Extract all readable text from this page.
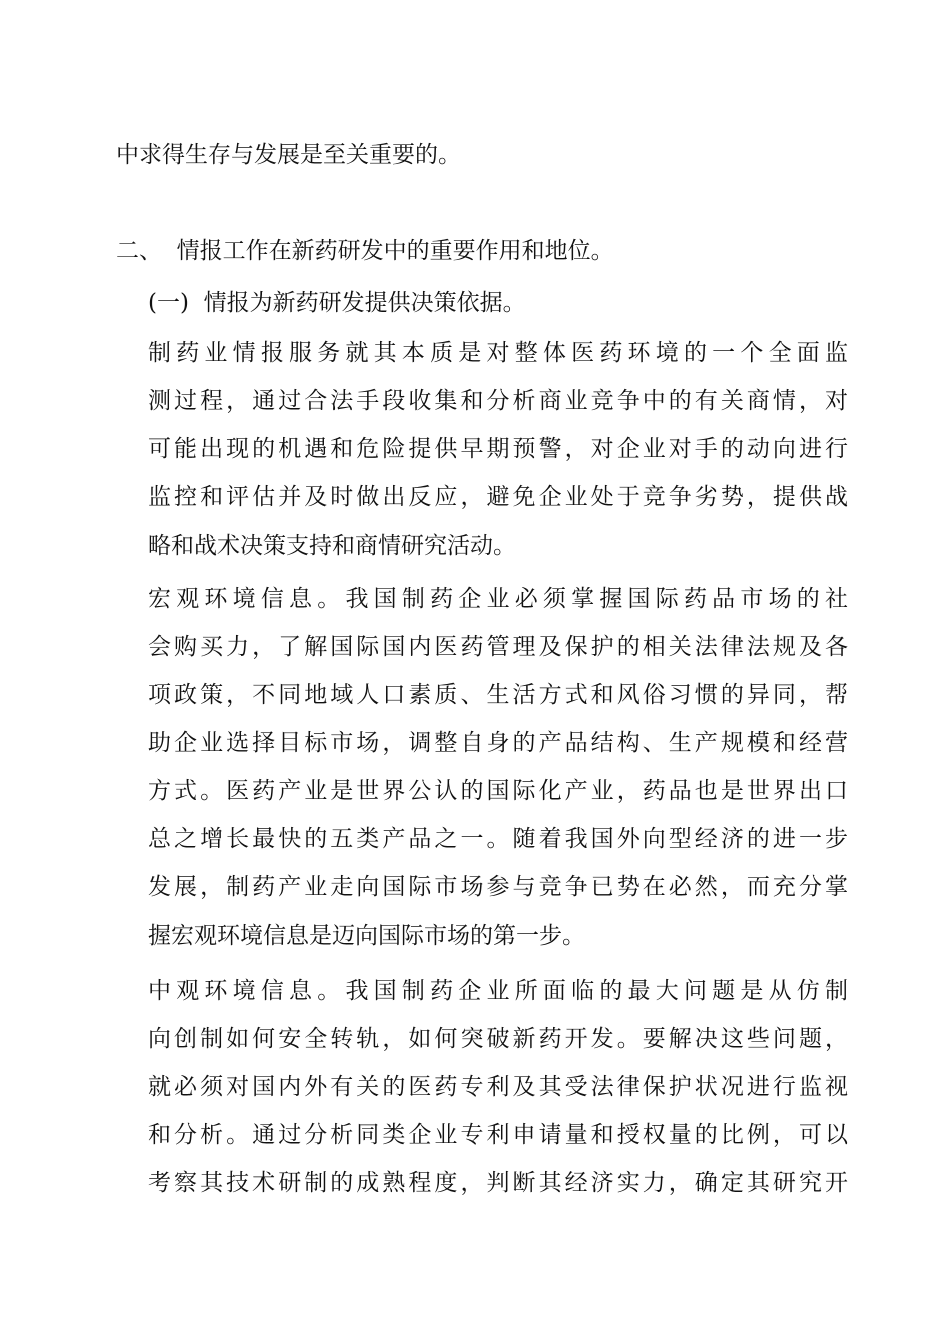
中求得生存与发展是至关重要的。
二、  情报工作在新药研发中的重要作用和地位。
(一)  情报为新药研发提供决策依据。
制药业情报服务就其本质是对整体医药环境的一个全面监
测过程，通过合法手段收集和分析商业竞争中的有关商情，对
可能出现的机遇和危险提供早期预警，对企业对手的动向进行
监控和评估并及时做出反应，避免企业处于竞争劣势，提供战
略和战术决策支持和商情研究活动。
宏观环境信息。我国制药企业必须掌握国际药品市场的社
会购买力，了解国际国内医药管理及保护的相关法律法规及各
项政策，不同地域人口素质、生活方式和风俗习惯的异同，帮
助企业选择目标市场，调整自身的产品结构、生产规模和经营
方式。医药产业是世界公认的国际化产业，药品也是世界出口
总之增长最快的五类产品之一。随着我国外向型经济的进一步
发展，制药产业走向国际市场参与竞争已势在必然，而充分掌
握宏观环境信息是迈向国际市场的第一步。
中观环境信息。我国制药企业所面临的最大问题是从仿制
向创制如何安全转轨，如何突破新药开发。要解决这些问题，
就必须对国内外有关的医药专利及其受法律保护状况进行监视
和分析。通过分析同类企业专利申请量和授权量的比例，可以
考察其技术研制的成熟程度，判断其经济实力，确定其研究开
